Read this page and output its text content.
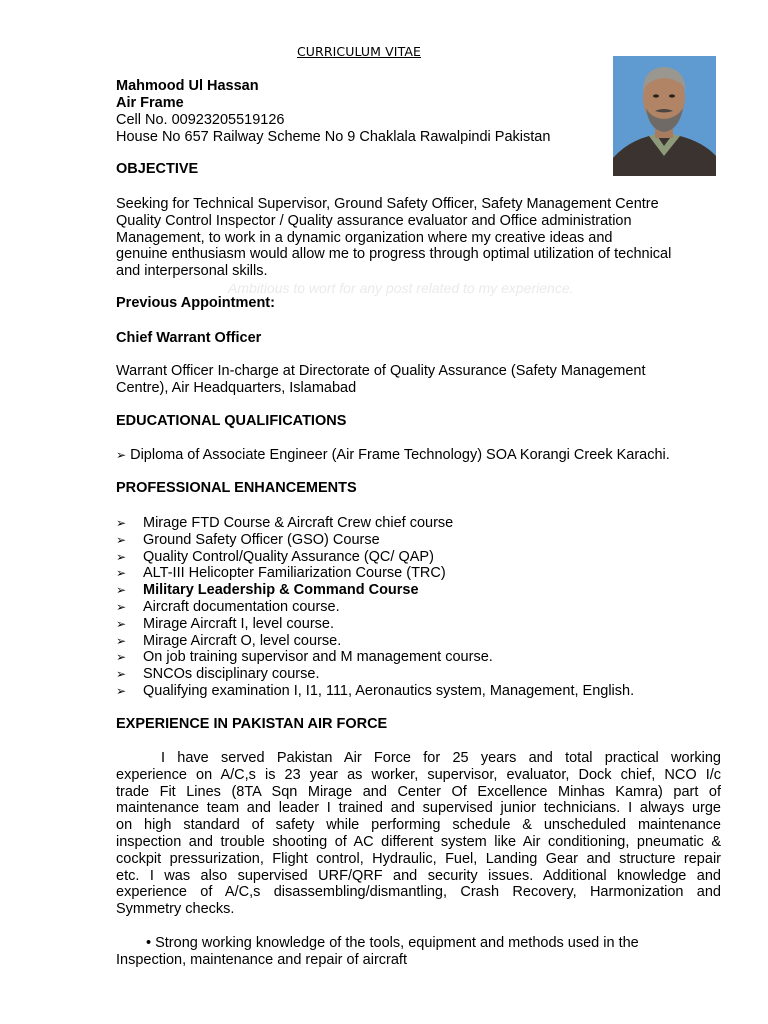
CURRICULUM VITAE
Mahmood Ul Hassan
Air Frame
Cell No. 00923205519126
House No 657 Railway Scheme No 9 Chaklala Rawalpindi Pakistan
OBJECTIVE
Seeking for Technical Supervisor, Ground Safety Officer, Safety Management Centre
Quality Control Inspector / Quality assurance evaluator and Office administration
Management, to work in a dynamic organization where my creative ideas and
genuine enthusiasm would allow me to progress through optimal utilization of technical
and interpersonal skills.
Ambitious to wort for any post related to my experience.
Previous Appointment:
Chief Warrant Officer
Warrant Officer In-charge at Directorate of Quality Assurance (Safety Management
Centre), Air Headquarters, Islamabad
EDUCATIONAL QUALIFICATIONS
➢ Diploma of Associate Engineer (Air Frame Technology) SOA Korangi Creek Karachi.
PROFESSIONAL ENHANCEMENTS
➢ Mirage FTD Course & Aircraft Crew chief course
➢ Ground Safety Officer (GSO) Course
➢ Quality Control/Quality Assurance (QC/ QAP)
➢ ALT-III Helicopter Familiarization Course (TRC)
➢ Military Leadership & Command Course
➢ Aircraft documentation course.
➢ Mirage Aircraft I, level course.
➢ Mirage Aircraft O, level course.
➢ On job training supervisor and M management course.
➢ SNCOs disciplinary course.
➢ Qualifying examination I, I1, 111, Aeronautics system, Management, English.
EXPERIENCE IN PAKISTAN AIR FORCE
I have served Pakistan Air Force for 25 years and total practical working
experience on A/C,s is 23 year as worker, supervisor, evaluator, Dock chief, NCO I/c
trade Fit Lines (8TA Sqn Mirage and Center Of Excellence Minhas Kamra) part of
maintenance team and leader I trained and supervised junior technicians. I always urge
on high standard of safety while performing schedule & unscheduled maintenance
inspection and trouble shooting of AC different system like Air conditioning, pneumatic &
cockpit pressurization, Flight control, Hydraulic, Fuel, Landing Gear and structure repair
etc. I was also supervised URF/QRF and security issues. Additional knowledge and
experience of A/C,s disassembling/dismantling, Crash Recovery, Harmonization and
Symmetry checks.
• Strong working knowledge of the tools, equipment and methods used in the
Inspection, maintenance and repair of aircraft
